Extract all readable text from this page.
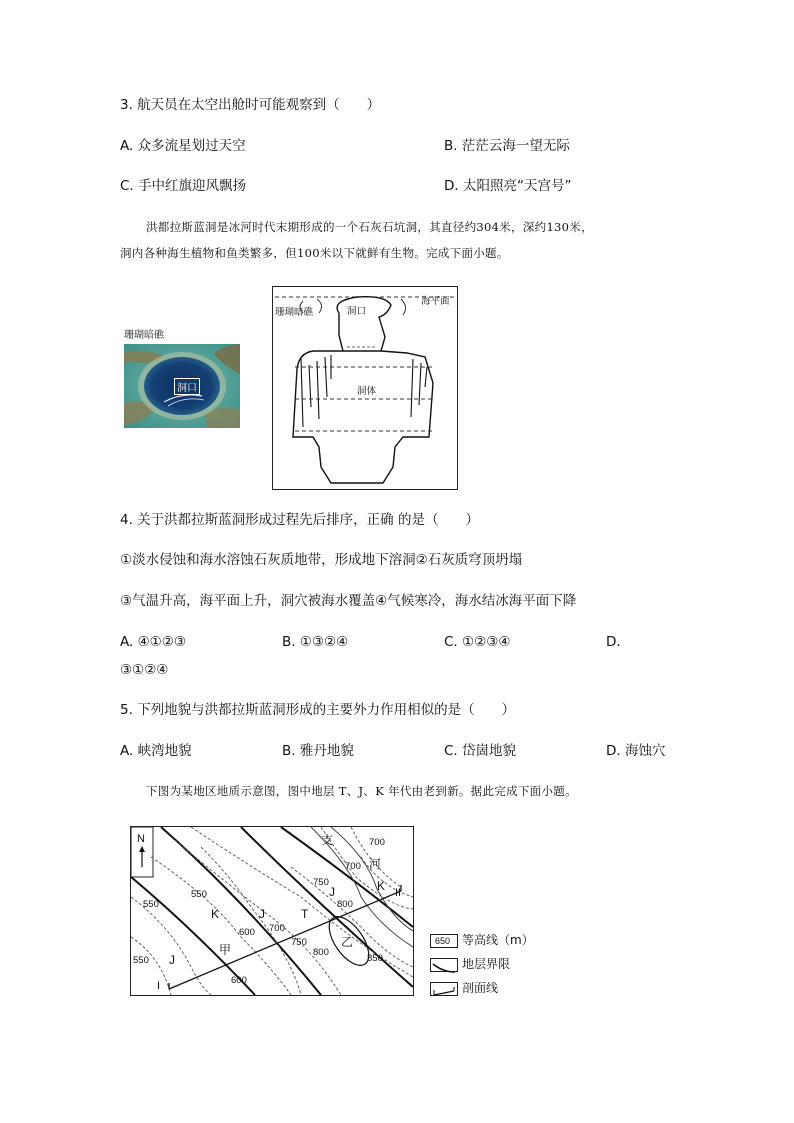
3. 航天员在太空出舱时可能观察到（　　）
A. 众多流星划过天空	B. 茫茫云海一望无际
C. 手中红旗迎风飘扬	D. 太阳照亮“天宫号”
洪都拉斯蓝洞是冰河时代末期形成的一个石灰石坑洞，其直径约304米，深约130米，
洞内各种海生植物和鱼类繁多，但100米以下就鲜有生物。完成下面小题。
珊瑚暗礁
洞口
珊瑚暗礁	洞口
海平面
洞体
4. 关于洪都拉斯蓝洞形成过程先后排序，正确 的是（　　）
①淡水侵蚀和海水溶蚀石灰质地带，形成地下溶洞②石灰质穹顶坍塌
③气温升高，海平面上升，洞穴被海水覆盖④气候寒冷，海水结冰海平面下降
A. ④①②③	B. ①③②④	C. ①②③④	D.
③①②④
5. 下列地貌与洪都拉斯蓝洞形成的主要外力作用相似的是（　　）
A. 峡湾地貌	B. 雅丹地貌	C. 岱崮地貌	D. 海蚀穴
下图为某地区地质示意图，图中地层 T、J、K 年代由老到新。据此完成下面小题。
N	支
河
700
700
750
800
550
550
600 700
750
800
850
550
600
K	J	T
J	K
J
甲
乙
I
II
650 等高线（m）
地层界限
剖面线
